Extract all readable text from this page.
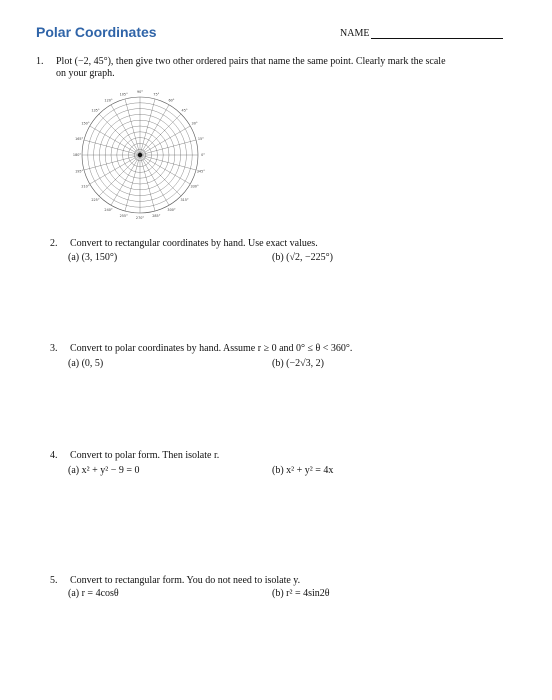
Polar Coordinates	NAME
1. Plot (−2, 45°), then give two other ordered pairs that name the same point. Clearly mark the scale
on your graph.
0°
15°
30°
45°
60°
75°
90°
105°
120°
135°
150°
165°
180°
195°
210°
225°
240°
255°
270°
285°
300°
315°
330°
345°
2. Convert to rectangular coordinates by hand. Use exact values.
(a) (3, 150°)	(b) (√2, −225°)
3. Convert to polar coordinates by hand. Assume r ≥ 0 and 0° ≤ θ < 360°.
(a) (0, 5)	(b) (−2√3, 2)
4. Convert to polar form. Then isolate r.
(a) x² + y² − 9 = 0	(b) x² + y² = 4x
5. Convert to rectangular form. You do not need to isolate y.
(a) r = 4cosθ	(b) r² = 4sin2θ
